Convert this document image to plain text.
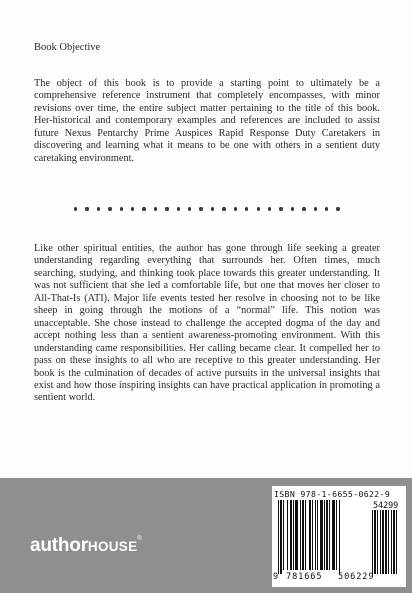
Book Objective
The object of this book is to provide a starting point to ultimately be a comprehensive reference instrument that completely encompasses, with minor revisions over time, the entire subject matter pertaining to the title of this book. Her-historical and contemporary examples and references are included to assist future Nexus Pentarchy Prime Auspices Rapid Response Duty Caretakers in discovering and learning what it means to be one with others in a sentient duty caretaking environment.
Like other spiritual entities, the author has gone through life seeking a greater understanding regarding everything that surrounds her. Often times, much searching, studying, and thinking took place towards this greater understanding. It was not sufficient that she led a comfortable life, but one that moves her closer to All-That-Is (ATI). Major life events tested her resolve in choosing not to be like sheep in going through the motions of a “normal” life. This notion was unacceptable. She chose instead to challenge the accepted dogma of the day and accept nothing less than a sentient awareness-promoting environment. With this understanding came responsibilities. Her calling became clear. It compelled her to pass on these insights to all who are receptive to this greater understanding. Her book is the culmination of decades of active pursuits in the universal insights that exist and how those inspiring insights can have practical application in promoting a sentient world.
authorHOUSE®
ISBN 978-1-6655-0622-9
54299
9 781665 506229
